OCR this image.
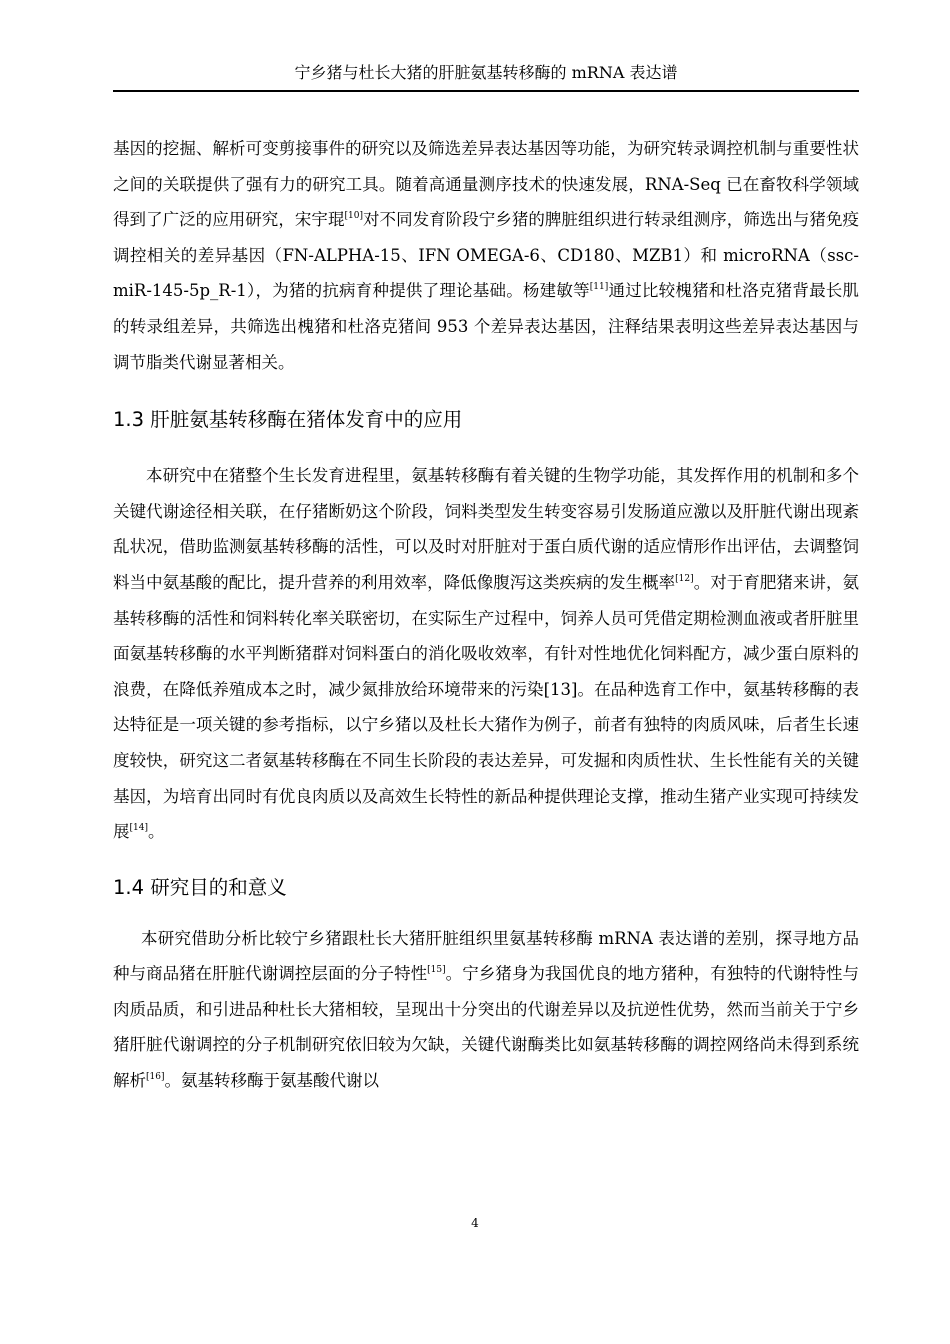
宁乡猪与杜长大猪的肝脏氨基转移酶的 mRNA 表达谱

基因的挖掘、解析可变剪接事件的研究以及筛选差异表达基因等功能，为研究转录调控机制与重要性状之间的关联提供了强有力的研究工具。随着高通量测序技术的快速发展，RNA-Seq 已在畜牧科学领域得到了广泛的应用研究，宋宇琨[10]对不同发育阶段宁乡猪的脾脏组织进行转录组测序，筛选出与猪免疫调控相关的差异基因（FN-ALPHA-15、IFN OMEGA-6、CD180、MZB1）和 microRNA（ssc-miR-145-5p_R-1），为猪的抗病育种提供了理论基础。杨建敏等[11]通过比较槐猪和杜洛克猪背最长肌的转录组差异，共筛选出槐猪和杜洛克猪间 953 个差异表达基因，注释结果表明这些差异表达基因与调节脂类代谢显著相关。

1.3 肝脏氨基转移酶在猪体发育中的应用

本研究中在猪整个生长发育进程里，氨基转移酶有着关键的生物学功能，其发挥作用的机制和多个关键代谢途径相关联，在仔猪断奶这个阶段，饲料类型发生转变容易引发肠道应激以及肝脏代谢出现紊乱状况，借助监测氨基转移酶的活性，可以及时对肝脏对于蛋白质代谢的适应情形作出评估，去调整饲料当中氨基酸的配比，提升营养的利用效率，降低像腹泻这类疾病的发生概率[12]。对于育肥猪来讲，氨基转移酶的活性和饲料转化率关联密切，在实际生产过程中，饲养人员可凭借定期检测血液或者肝脏里面氨基转移酶的水平判断猪群对饲料蛋白的消化吸收效率，有针对性地优化饲料配方，减少蛋白原料的浪费，在降低养殖成本之时，减少氮排放给环境带来的污染[13]。在品种选育工作中，氨基转移酶的表达特征是一项关键的参考指标，以宁乡猪以及杜长大猪作为例子，前者有独特的肉质风味，后者生长速度较快，研究这二者氨基转移酶在不同生长阶段的表达差异，可发掘和肉质性状、生长性能有关的关键基因，为培育出同时有优良肉质以及高效生长特性的新品种提供理论支撑，推动生猪产业实现可持续发展[14]。

1.4 研究目的和意义

本研究借助分析比较宁乡猪跟杜长大猪肝脏组织里氨基转移酶 mRNA 表达谱的差别，探寻地方品种与商品猪在肝脏代谢调控层面的分子特性[15]。宁乡猪身为我国优良的地方猪种，有独特的代谢特性与肉质品质，和引进品种杜长大猪相较，呈现出十分突出的代谢差异以及抗逆性优势，然而当前关于宁乡猪肝脏代谢调控的分子机制研究依旧较为欠缺，关键代谢酶类比如氨基转移酶的调控网络尚未得到系统解析[16]。氨基转移酶于氨基酸代谢以

4
